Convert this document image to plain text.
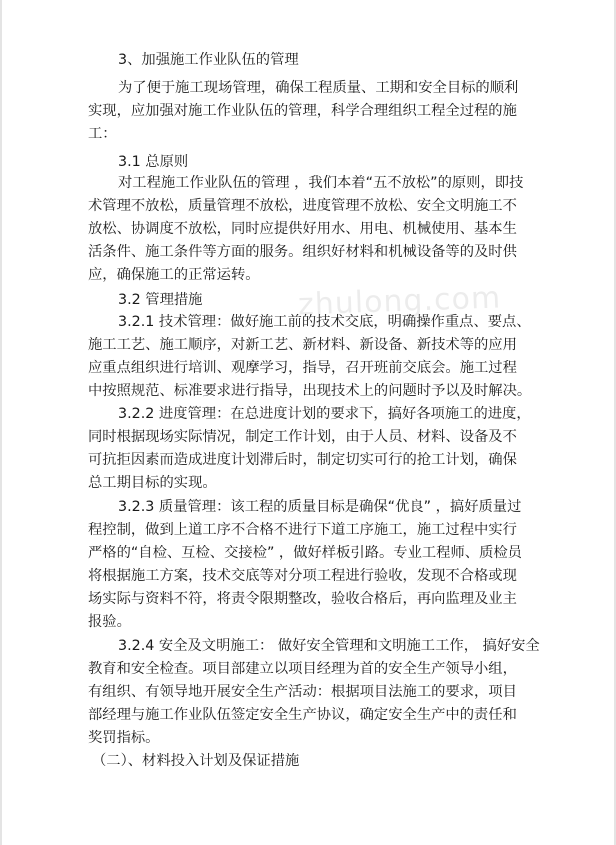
zhulong.com
3、加强施工作业队伍的管理
为了便于施工现场管理，确保工程质量、工期和安全目标的顺利
实现，应加强对施工作业队伍的管理，科学合理组织工程全过程的施
工：
3.1 总原则
对工程施工作业队伍的管理 ，我们本着“五不放松”的原则，即技
术管理不放松，质量管理不放松，进度管理不放松、安全文明施工不
放松、协调度不放松，同时应提供好用水、用电、机械使用、基本生
活条件、施工条件等方面的服务。组织好材料和机械设备等的及时供
应，确保施工的正常运转。
3.2 管理措施
3.2.1 技术管理：做好施工前的技术交底，明确操作重点、要点、
施工工艺、施工顺序，对新工艺、新材料、新设备、新技术等的应用
应重点组织进行培训、观摩学习，指导，召开班前交底会。施工过程
中按照规范、标准要求进行指导，出现技术上的问题时予以及时解决。
3.2.2 进度管理：在总进度计划的要求下，搞好各项施工的进度，
同时根据现场实际情况，制定工作计划，由于人员、材料、设备及不
可抗拒因素而造成进度计划滞后时，制定切实可行的抢工计划，确保
总工期目标的实现。
3.2.3 质量管理：该工程的质量目标是确保“优良” ，搞好质量过
程控制，做到上道工序不合格不进行下道工序施工，施工过程中实行
严格的“自检、互检、交接检” ，做好样板引路。专业工程师、质检员
将根据施工方案，技术交底等对分项工程进行验收，发现不合格或现
场实际与资料不符，将责令限期整改，验收合格后，再向监理及业主
报验。
3.2.4 安全及文明施工： 做好安全管理和文明施工工作， 搞好安全
教育和安全检查。项目部建立以项目经理为首的安全生产领导小组，
有组织、有领导地开展安全生产活动：根据项目法施工的要求，项目
部经理与施工作业队伍签定安全生产协议，确定安全生产中的责任和
奖罚指标。
（二）、材料投入计划及保证措施
